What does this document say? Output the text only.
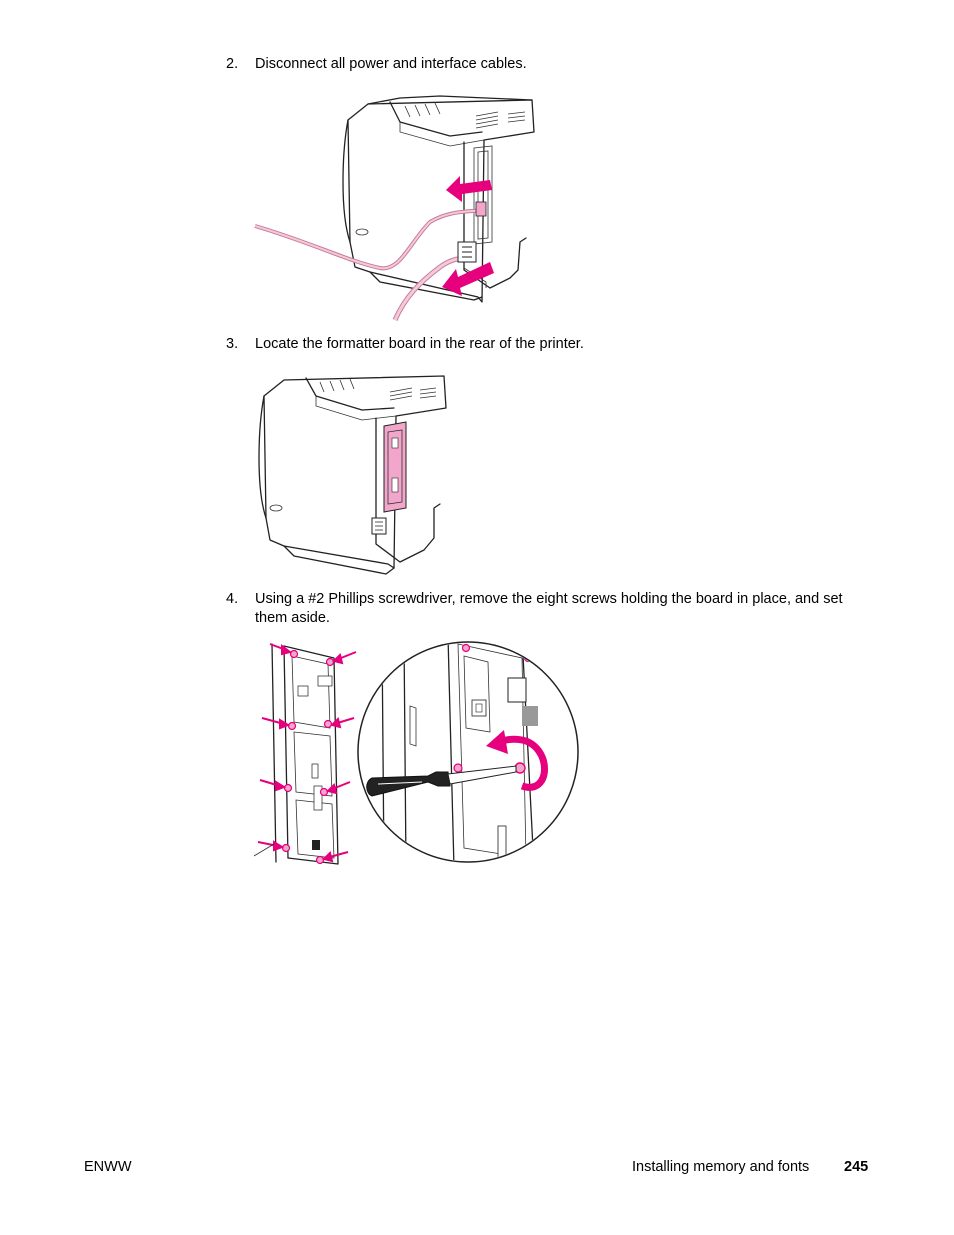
2. Disconnect all power and interface cables.
3. Locate the formatter board in the rear of the printer.
4. Using a #2 Phillips screwdriver, remove the eight screws holding the board in place, and set them aside.
ENWW	Installing memory and fonts 245
